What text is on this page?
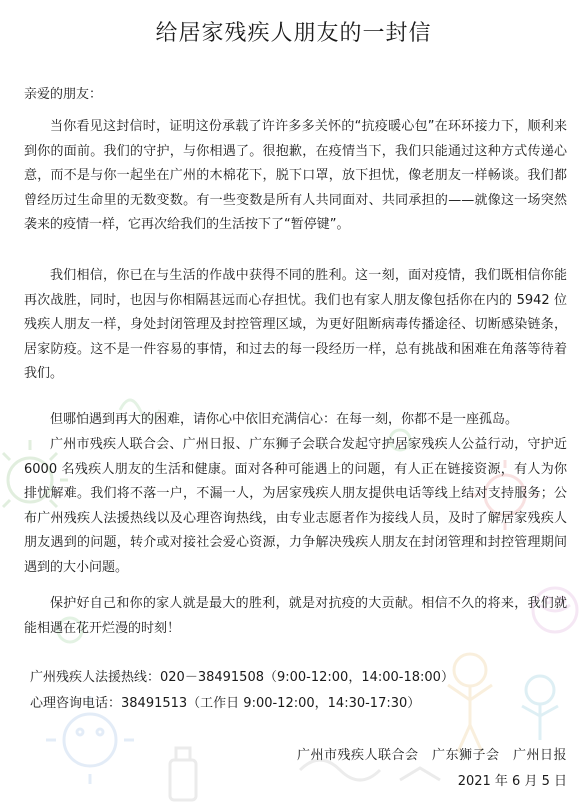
给居家残疾人朋友的一封信
亲爱的朋友：

当你看见这封信时，证明这份承载了许许多多关怀的“抗疫暖心包”在环环接力下，顺利来到你的面前。我们的守护，与你相遇了。很抱歉，在疫情当下，我们只能通过这种方式传递心意，而不是与你一起坐在广州的木棉花下，脱下口罩，放下担忧，像老朋友一样畅谈。我们都曾经历过生命里的无数变数。有一些变数是所有人共同面对、共同承担的——就像这一场突然袭来的疫情一样，它再次给我们的生活按下了“暂停键”。

我们相信，你已在与生活的作战中获得不同的胜利。这一刻，面对疫情，我们既相信你能再次战胜，同时，也因与你相隔甚远而心存担忧。我们也有家人朋友像包括你在内的 5942 位残疾人朋友一样，身处封闭管理及封控管理区域，为更好阻断病毒传播途径、切断感染链条，居家防疫。这不是一件容易的事情，和过去的每一段经历一样，总有挑战和困难在角落等待着我们。

但哪怕遇到再大的困难，请你心中依旧充满信心：在每一刻，你都不是一座孤岛。

广州市残疾人联合会、广州日报、广东狮子会联合发起守护居家残疾人公益行动，守护近 6000 名残疾人朋友的生活和健康。面对各种可能遇上的问题，有人正在链接资源，有人为你排忧解难。我们将不落一户，不漏一人，为居家残疾人朋友提供电话等线上结对支持服务；公布广州残疾人法援热线以及心理咨询热线，由专业志愿者作为接线人员，及时了解居家残疾人朋友遇到的问题，转介或对接社会爱心资源，力争解决残疾人朋友在封闭管理和封控管理期间遇到的大小问题。

保护好自己和你的家人就是最大的胜利，就是对抗疫的大贡献。相信不久的将来，我们就能相遇在花开烂漫的时刻！

广州残疾人法援热线：020－38491508（9:00-12:00，14:00-18:00）
心理咨询电话：38491513（工作日 9:00-12:00，14:30-17:30）
广州市残疾人联合会　广东狮子会　广州日报
2021 年 6 月 5 日
